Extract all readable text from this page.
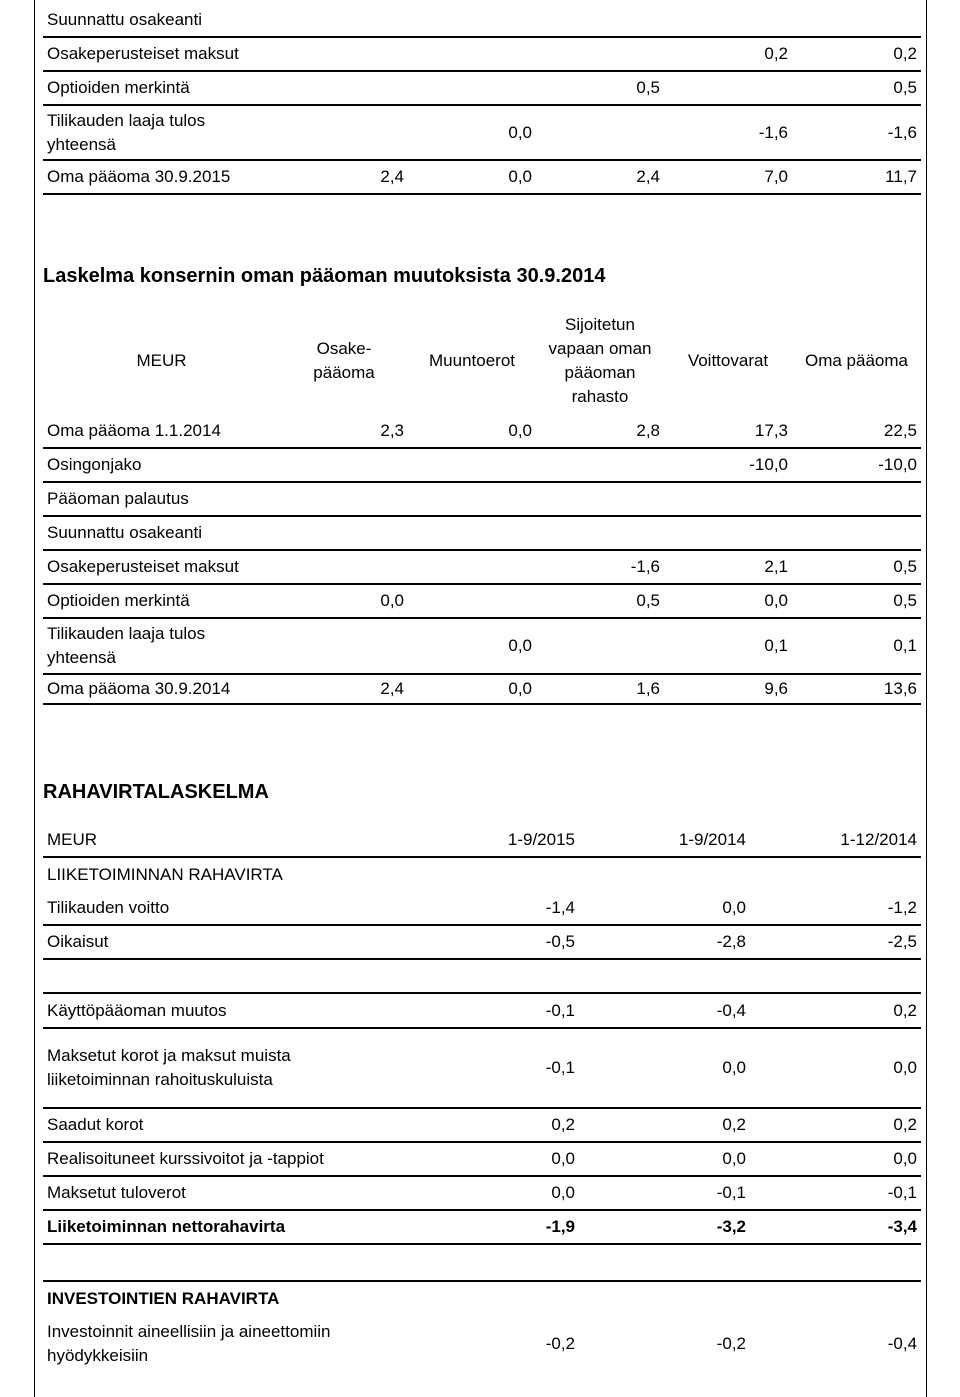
Suunnattu osakeanti					
Osakeperusteiset maksut				0,2	0,2
Optioiden merkintä			0,5		0,5
Tilikauden laaja tulos yhteensä		0,0		-1,6	-1,6
Oma pääoma 30.9.2015	2,4	0,0	2,4	7,0	11,7
Laskelma konsernin oman pääoman muutoksista 30.9.2014
MEUR	Osake-pääoma	Muuntoerot	Sijoitetun vapaan oman pääoman rahasto	Voittovarat	Oma pääoma
Oma pääoma 1.1.2014	2,3	0,0	2,8	17,3	22,5
Osingonjako				-10,0	-10,0
Pääoman palautus					
Suunnattu osakeanti					
Osakeperusteiset maksut			-1,6	2,1	0,5
Optioiden merkintä	0,0		0,5	0,0	0,5
Tilikauden laaja tulos yhteensä		0,0		0,1	0,1
Oma pääoma 30.9.2014	2,4	0,0	1,6	9,6	13,6
RAHAVIRTALASKELMA
MEUR	1-9/2015	1-9/2014	1-12/2014
LIIKETOIMINNAN RAHAVIRTA			
Tilikauden voitto	-1,4	0,0	-1,2
Oikaisut	-0,5	-2,8	-2,5
Käyttöpääoman muutos	-0,1	-0,4	0,2
Maksetut korot ja maksut muista liiketoiminnan rahoituskuluista	-0,1	0,0	0,0
Saadut korot	0,2	0,2	0,2
Realisoituneet kurssivoitot ja -tappiot	0,0	0,0	0,0
Maksetut tuloverot	0,0	-0,1	-0,1
Liiketoiminnan nettorahavirta	-1,9	-3,2	-3,4
INVESTOINTIEN RAHAVIRTA
Investoinnit aineellisiin ja aineettomiin hyödykkeisiin	-0,2	-0,2	-0,4
